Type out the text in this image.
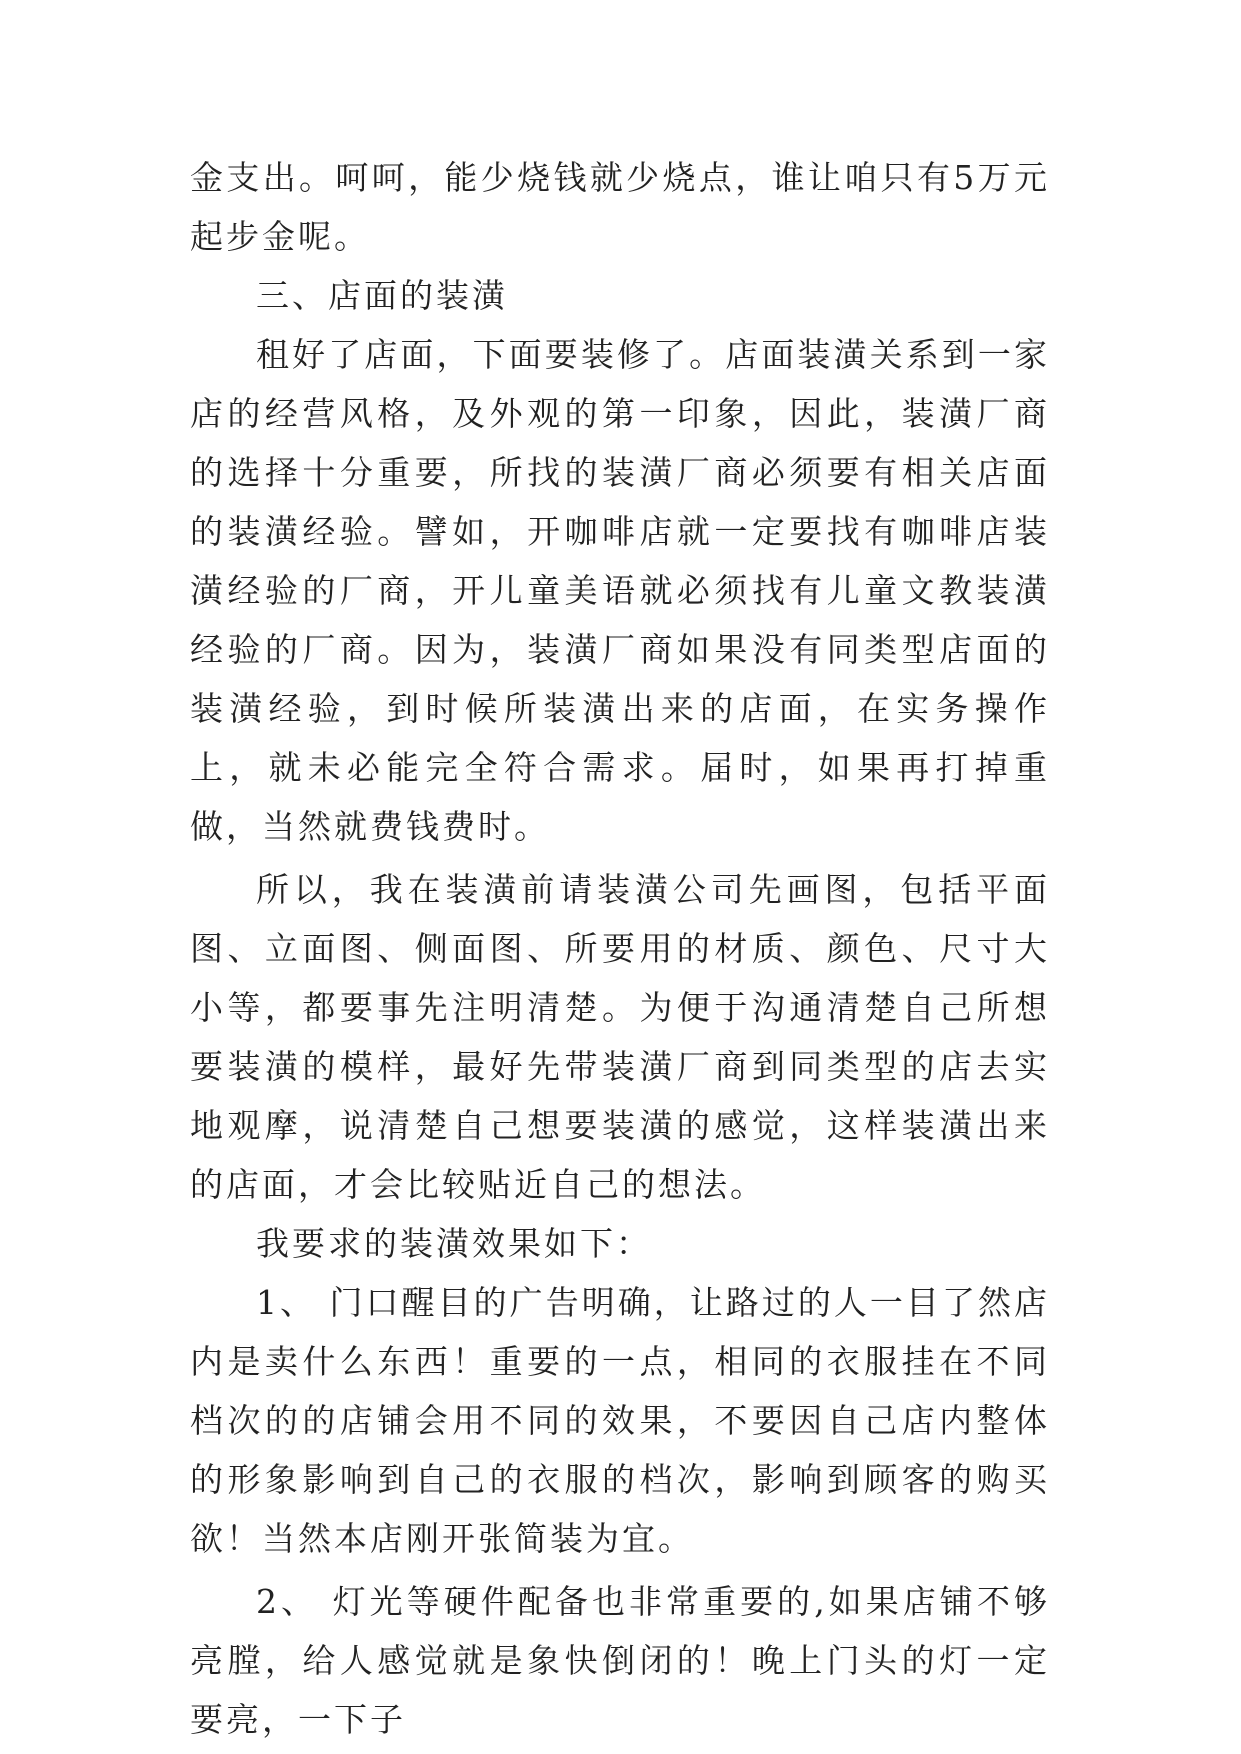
金支出。呵呵，能少烧钱就少烧点，谁让咱只有5万元起步金呢。

三、店面的装潢

租好了店面，下面要装修了。店面装潢关系到一家店的经营风格，及外观的第一印象，因此，装潢厂商的选择十分重要，所找的装潢厂商必须要有相关店面的装潢经验。譬如，开咖啡店就一定要找有咖啡店装潢经验的厂商，开儿童美语就必须找有儿童文教装潢经验的厂商。因为，装潢厂商如果没有同类型店面的装潢经验，到时候所装潢出来的店面，在实务操作上，就未必能完全符合需求。届时，如果再打掉重做，当然就费钱费时。

所以，我在装潢前请装潢公司先画图，包括平面图、立面图、侧面图、所要用的材质、颜色、尺寸大小等，都要事先注明清楚。为便于沟通清楚自己所想要装潢的模样，最好先带装潢厂商到同类型的店去实地观摩，说清楚自己想要装潢的感觉，这样装潢出来的店面，才会比较贴近自己的想法。

我要求的装潢效果如下：

1、 门口醒目的广告明确，让路过的人一目了然店内是卖什么东西！重要的一点，相同的衣服挂在不同档次的的店铺会用不同的效果，不要因自己店内整体的形象影响到自己的衣服的档次，影响到顾客的购买欲！当然本店刚开张简装为宜。

2、 灯光等硬件配备也非常重要的,如果店铺不够亮膛，给人感觉就是象快倒闭的！晚上门头的灯一定要亮，一下子
